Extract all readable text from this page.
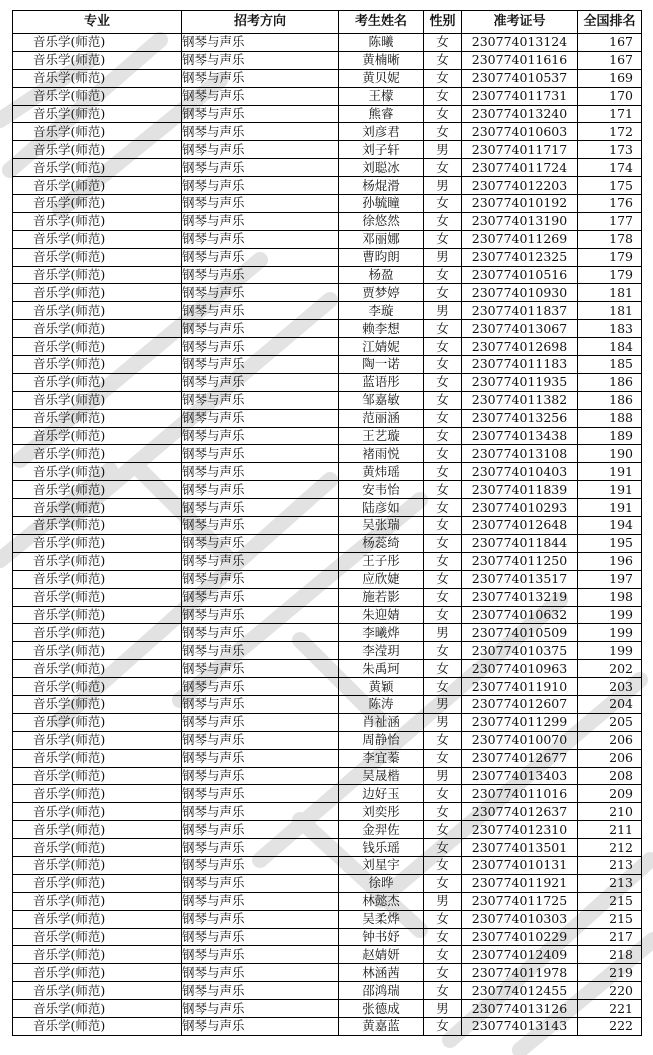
专业	招考方向	考生姓名	性别	准考证号	全国排名
音乐学(师范)	钢琴与声乐	陈曦	女	230774013124	167
音乐学(师范)	钢琴与声乐	黄楠晰	女	230774011616	167
音乐学(师范)	钢琴与声乐	黄贝妮	女	230774010537	169
音乐学(师范)	钢琴与声乐	王檬	女	230774011731	170
音乐学(师范)	钢琴与声乐	熊睿	女	230774013240	171
音乐学(师范)	钢琴与声乐	刘彦君	女	230774010603	172
音乐学(师范)	钢琴与声乐	刘子轩	男	230774011717	173
音乐学(师范)	钢琴与声乐	刘聪冰	女	230774011724	174
音乐学(师范)	钢琴与声乐	杨焜滑	男	230774012203	175
音乐学(师范)	钢琴与声乐	孙毓瞳	女	230774010192	176
音乐学(师范)	钢琴与声乐	徐悠然	女	230774013190	177
音乐学(师范)	钢琴与声乐	邓丽娜	女	230774011269	178
音乐学(师范)	钢琴与声乐	曹昀朗	男	230774012325	179
音乐学(师范)	钢琴与声乐	杨盈	女	230774010516	179
音乐学(师范)	钢琴与声乐	贾梦婷	女	230774010930	181
音乐学(师范)	钢琴与声乐	李璇	男	230774011837	181
音乐学(师范)	钢琴与声乐	赖李想	女	230774013067	183
音乐学(师范)	钢琴与声乐	江婧妮	女	230774012698	184
音乐学(师范)	钢琴与声乐	陶一诺	女	230774011183	185
音乐学(师范)	钢琴与声乐	蓝语彤	女	230774011935	186
音乐学(师范)	钢琴与声乐	邹嘉敏	女	230774011382	186
音乐学(师范)	钢琴与声乐	范丽涵	女	230774013256	188
音乐学(师范)	钢琴与声乐	王艺璇	女	230774013438	189
音乐学(师范)	钢琴与声乐	褚雨悦	女	230774013108	190
音乐学(师范)	钢琴与声乐	黄炜瑶	女	230774010403	191
音乐学(师范)	钢琴与声乐	安韦怡	女	230774011839	191
音乐学(师范)	钢琴与声乐	陆彦如	女	230774010293	191
音乐学(师范)	钢琴与声乐	吴张瑞	女	230774012648	194
音乐学(师范)	钢琴与声乐	杨蕊绮	女	230774011844	195
音乐学(师范)	钢琴与声乐	王子彤	女	230774011250	196
音乐学(师范)	钢琴与声乐	应欣婕	女	230774013517	197
音乐学(师范)	钢琴与声乐	施若影	女	230774013219	198
音乐学(师范)	钢琴与声乐	朱迎婧	女	230774010632	199
音乐学(师范)	钢琴与声乐	李曦烨	男	230774010509	199
音乐学(师范)	钢琴与声乐	李滢玥	女	230774010375	199
音乐学(师范)	钢琴与声乐	朱禹珂	女	230774010963	202
音乐学(师范)	钢琴与声乐	黄颖	女	230774011910	203
音乐学(师范)	钢琴与声乐	陈涛	男	230774012607	204
音乐学(师范)	钢琴与声乐	肖祉涵	男	230774011299	205
音乐学(师范)	钢琴与声乐	周静怡	女	230774010070	206
音乐学(师范)	钢琴与声乐	李宜蓁	女	230774012677	206
音乐学(师范)	钢琴与声乐	吴晟楷	男	230774013403	208
音乐学(师范)	钢琴与声乐	边好玉	女	230774011016	209
音乐学(师范)	钢琴与声乐	刘奕彤	女	230774012637	210
音乐学(师范)	钢琴与声乐	金羿佐	女	230774012310	211
音乐学(师范)	钢琴与声乐	钱乐瑶	女	230774013501	212
音乐学(师范)	钢琴与声乐	刘星宇	女	230774010131	213
音乐学(师范)	钢琴与声乐	徐晔	女	230774011921	213
音乐学(师范)	钢琴与声乐	林懿杰	男	230774011725	215
音乐学(师范)	钢琴与声乐	吴柔烨	女	230774010303	215
音乐学(师范)	钢琴与声乐	钟书妤	女	230774010229	217
音乐学(师范)	钢琴与声乐	赵婧妍	女	230774012409	218
音乐学(师范)	钢琴与声乐	林涵茜	女	230774011978	219
音乐学(师范)	钢琴与声乐	邵鸿瑞	女	230774012455	220
音乐学(师范)	钢琴与声乐	张德成	男	230774013126	221
音乐学(师范)	钢琴与声乐	黄嘉蓝	女	230774013143	222
